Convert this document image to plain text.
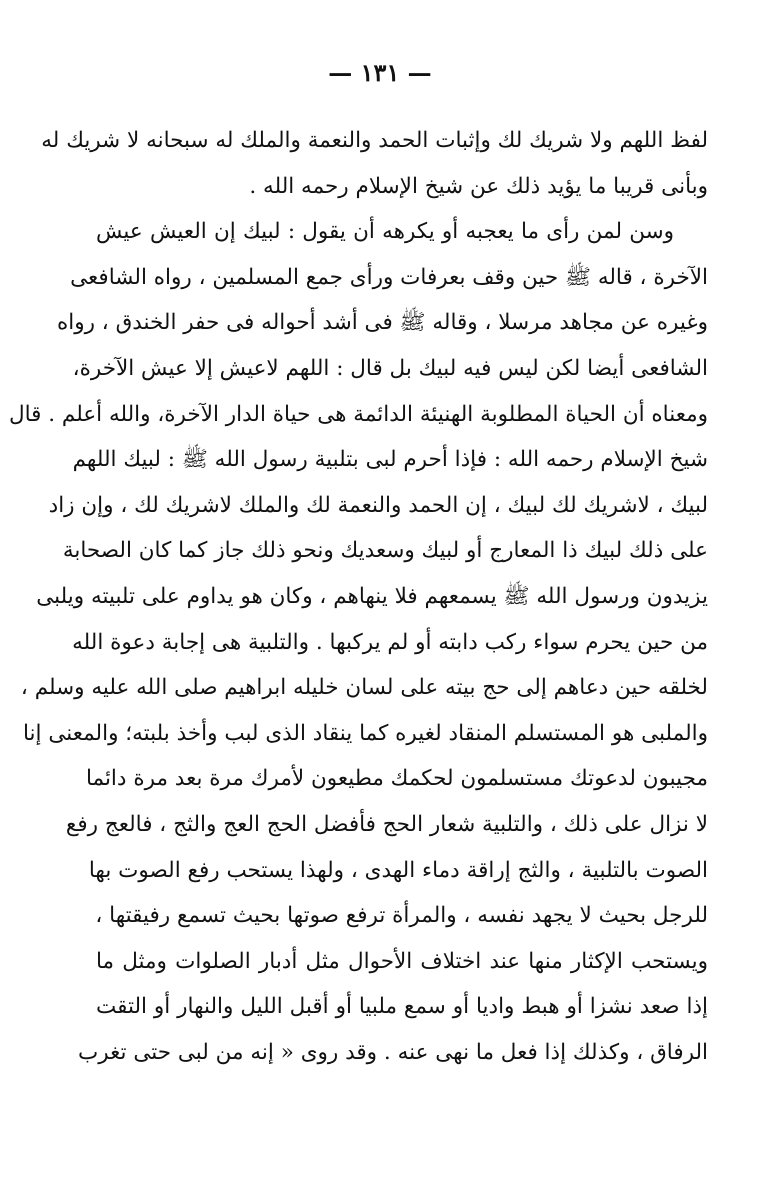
— ١٣١ —
لفظ اللهم ولا شريك لك وإثبات الحمد والنعمة والملك له سبحانه لا شريك له
وبأنى قريبا ما يؤيد ذلك عن شيخ الإسلام رحمه الله .
وسن لمن رأى ما يعجبه أو يكرهه أن يقول : لبيك إن العيش عيش
الآخرة ، قاله ﷺ حين وقف بعرفات ورأى جمع المسلمين ، رواه الشافعى
وغيره عن مجاهد مرسلا ، وقاله ﷺ فى أشد أحواله فى حفر الخندق ، رواه
الشافعى أيضا لكن ليس فيه لبيك بل قال : اللهم لاعيش إلا عيش الآخرة،
ومعناه أن الحياة المطلوبة الهنيئة الدائمة هى حياة الدار الآخرة، والله أعلم . قال
شيخ الإسلام رحمه الله : فإذا أحرم لبى بتلبية رسول الله ﷺ : لبيك اللهم
لبيك ، لاشريك لك لبيك ، إن الحمد والنعمة لك والملك لاشريك لك ، وإن زاد
على ذلك لبيك ذا المعارج أو لبيك وسعديك ونحو ذلك جاز كما كان الصحابة
يزيدون ورسول الله ﷺ يسمعهم فلا ينهاهم ، وكان هو يداوم على تلبيته ويلبى
من حين يحرم سواء ركب دابته أو لم يركبها . والتلبية هى إجابة دعوة الله
لخلقه حين دعاهم إلى حج بيته على لسان خليله ابراهيم صلى الله عليه وسلم ،
والملبى هو المستسلم المنقاد لغيره كما ينقاد الذى لبب وأخذ بلبته؛ والمعنى إنا
مجيبون لدعوتك مستسلمون لحكمك مطيعون لأمرك مرة بعد مرة دائما
لا نزال على ذلك ، والتلبية شعار الحج فأفضل الحج العج والثج ، فالعج رفع
الصوت بالتلبية ، والثج إراقة دماء الهدى ، ولهذا يستحب رفع الصوت بها
للرجل بحيث لا يجهد نفسه ، والمرأة ترفع صوتها بحيث تسمع رفيقتها ،
ويستحب الإكثار منها عند اختلاف الأحوال مثل أدبار الصلوات ومثل ما
إذا صعد نشزا أو هبط واديا أو سمع ملبيا أو أقبل الليل والنهار أو التقت
الرفاق ، وكذلك إذا فعل ما نهى عنه . وقد روى « إنه من لبى حتى تغرب
